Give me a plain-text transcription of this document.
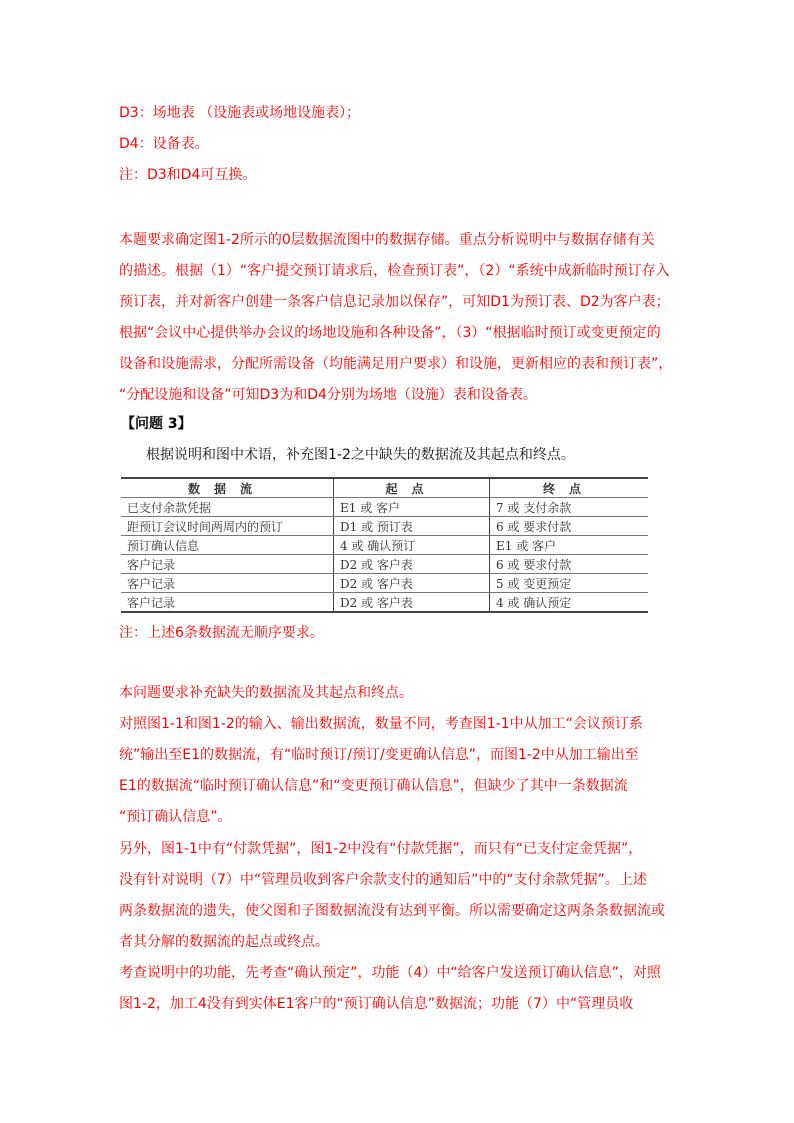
D3：场地表 （设施表或场地设施表）；
D4：设备表。
注：D3和D4可互换。
本题要求确定图1-2所示的0层数据流图中的数据存储。重点分析说明中与数据存储有关
的描述。根据（1）“客户提交预订请求后，检查预订表”，（2）“系统中成新临时预订存入
预订表，并对新客户创建一条客户信息记录加以保存”，可知D1为预订表、D2为客户表；
根据“会议中心提供举办会议的场地设施和各种设备”，（3）“根据临时预订或变更预定的
设备和设施需求，分配所需设备（均能满足用户要求）和设施，更新相应的表和预订表”，
“分配设施和设备”可知D3为和D4分别为场地（设施）表和设备表。
【问题 3】
根据说明和图中术语，补充图1-2之中缺失的数据流及其起点和终点。
数据流	起点	终点
已支付余款凭据	E1 或 客户	7 或 支付余款
距预订会议时间两周内的预订	D1 或 预订表	6 或 要求付款
预订确认信息	4 或 确认预订	E1 或 客户
客户记录	D2 或 客户表	6 或 要求付款
客户记录	D2 或 客户表	5 或 变更预定
客户记录	D2 或 客户表	4 或 确认预定
注：上述6条数据流无顺序要求。
本问题要求补充缺失的数据流及其起点和终点。
对照图1-1和图1-2的输入、输出数据流，数量不同，考查图1-1中从加工“会议预订系
统”输出至E1的数据流，有“临时预订/预订/变更确认信息”，而图1-2中从加工输出至
E1的数据流“临时预订确认信息”和“变更预订确认信息”，但缺少了其中一条数据流
“预订确认信息”。
另外，图1-1中有“付款凭据”，图1-2中没有“付款凭据”，而只有“已支付定金凭据”，
没有针对说明（7）中“管理员收到客户余款支付的通知后”中的“支付余款凭据”。上述
两条数据流的遗失，使父图和子图数据流没有达到平衡。所以需要确定这两条条数据流或
者其分解的数据流的起点或终点。
考查说明中的功能，先考查“确认预定”，功能（4）中“给客户发送预订确认信息”，对照
图1-2，加工4没有到实体E1客户的“预订确认信息”数据流；功能（7）中“管理员收
